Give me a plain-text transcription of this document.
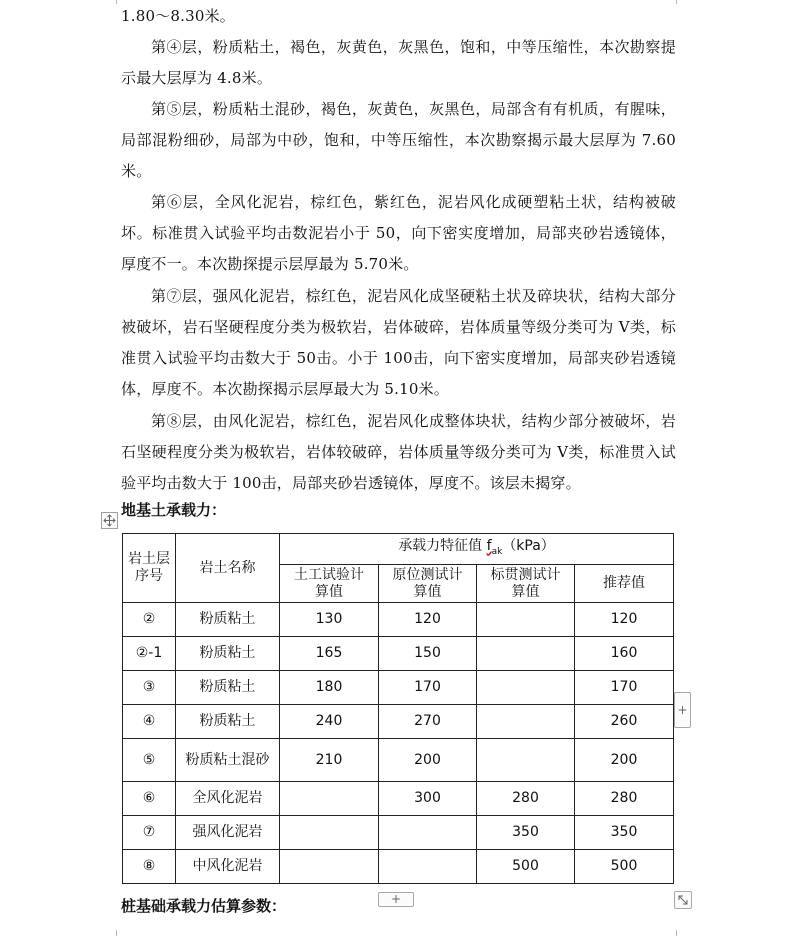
1.80～8.30米。

第④层，粉质粘土，褐色，灰黄色，灰黑色，饱和，中等压缩性，本次勘察提示最大层厚为 4.8米。

第⑤层，粉质粘土混砂，褐色，灰黄色，灰黑色，局部含有有机质，有腥味，局部混粉细砂，局部为中砂，饱和，中等压缩性，本次勘察揭示最大层厚为 7.60米。

第⑥层，全风化泥岩，棕红色，紫红色，泥岩风化成硬塑粘土状，结构被破坏。标准贯入试验平均击数泥岩小于 50，向下密实度增加，局部夹砂岩透镜体，厚度不一。本次勘探提示层厚最为 5.70米。

第⑦层，强风化泥岩，棕红色，泥岩风化成坚硬粘土状及碎块状，结构大部分被破坏，岩石坚硬程度分类为极软岩，岩体破碎，岩体质量等级分类可为 V类，标准贯入试验平均击数大于 50击。小于 100击，向下密实度增加，局部夹砂岩透镜体，厚度不。本次勘探揭示层厚最大为 5.10米。

第⑧层，由风化泥岩，棕红色，泥岩风化成整体块状，结构少部分被破坏，岩石坚硬程度分类为极软岩，岩体较破碎，岩体质量等级分类可为 V类，标准贯入试验平均击数大于 100击，局部夹砂岩透镜体，厚度不。该层未揭穿。

地基土承载力：

岩土层序号	岩土名称	承载力特征值 $f_{ak}(kPa)$			
		土工试验计算值	原位测试计算值	标贯测试计算值	推荐值
②	粉质粘土	130	120		120
②-1	粉质粘土	165	150		160
③	粉质粘土	180	170		170
④	粉质粘土	240	270		260
⑤	粉质粘土混砂	210	200		200
⑥	全风化泥岩		300	280	280
⑦	强风化泥岩			350	350
⑧	中风化泥岩			500	500
+
+

桩基础承载力估算参数：
